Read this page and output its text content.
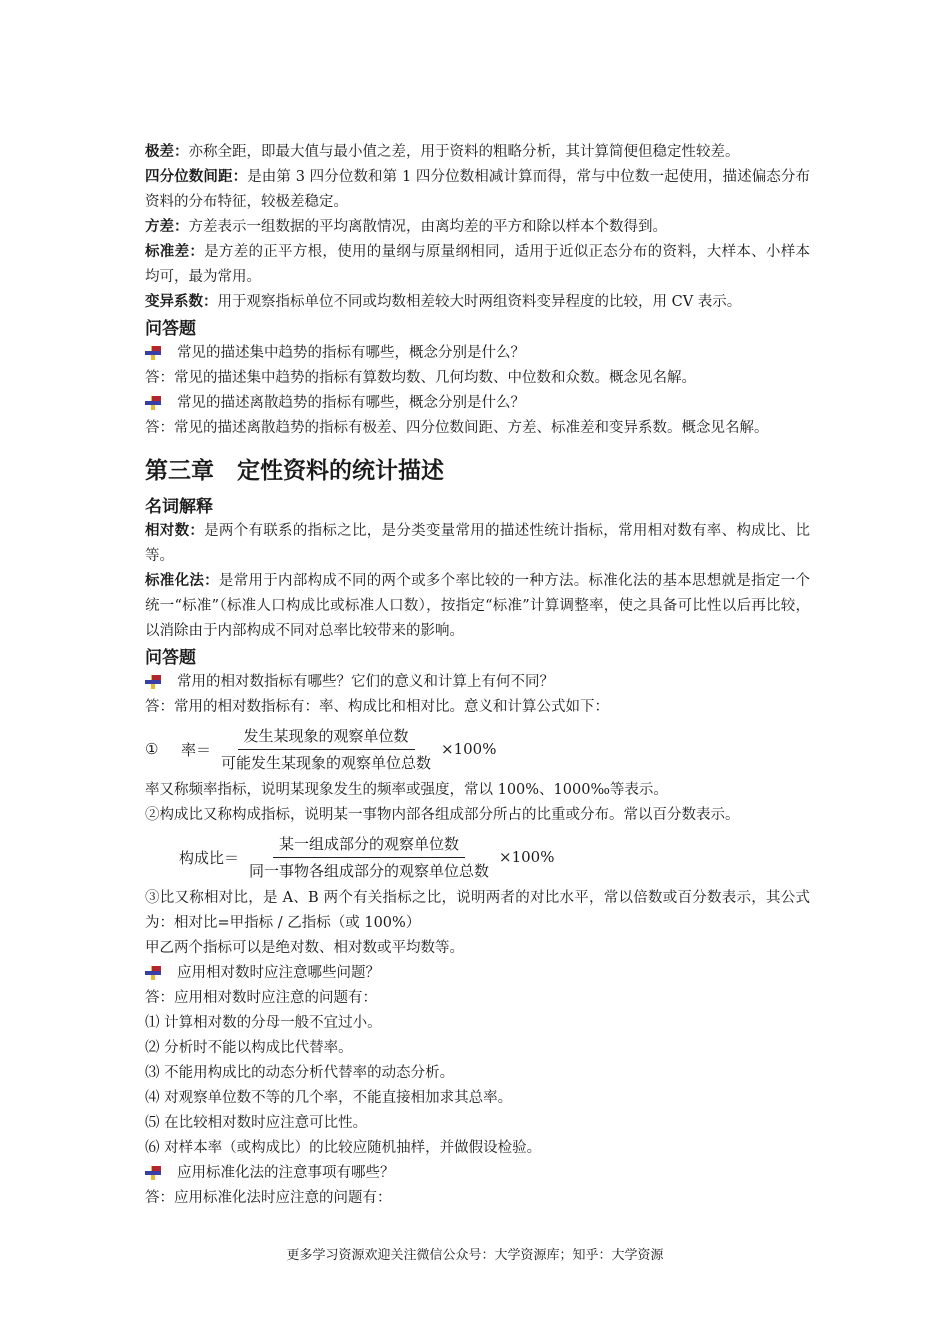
极差：亦称全距，即最大值与最小值之差，用于资料的粗略分析，其计算简便但稳定性较差。

四分位数间距：是由第 3 四分位数和第 1 四分位数相减计算而得，常与中位数一起使用，描述偏态分布资料的分布特征，较极差稳定。

方差：方差表示一组数据的平均离散情况，由离均差的平方和除以样本个数得到。

标准差：是方差的正平方根，使用的量纲与原量纲相同，适用于近似正态分布的资料，大样本、小样本均可，最为常用。

变异系数：用于观察指标单位不同或均数相差较大时两组资料变异程度的比较，用 CV 表示。

问答题

常见的描述集中趋势的指标有哪些，概念分别是什么？

答：常见的描述集中趋势的指标有算数均数、几何均数、中位数和众数。概念见名解。

常见的描述离散趋势的指标有哪些，概念分别是什么？

答：常见的描述离散趋势的指标有极差、四分位数间距、方差、标准差和变异系数。概念见名解。

第三章　定性资料的统计描述
名词解释

相对数：是两个有联系的指标之比，是分类变量常用的描述性统计指标，常用相对数有率、构成比、比等。

标准化法：是常用于内部构成不同的两个或多个率比较的一种方法。标准化法的基本思想就是指定一个统一“标准”（标准人口构成比或标准人口数），按指定“标准”计算调整率，使之具备可比性以后再比较，以消除由于内部构成不同对总率比较带来的影响。

问答题

常用的相对数指标有哪些？它们的意义和计算上有何不同？

答：常用的相对数指标有：率、构成比和相对比。意义和计算公式如下：

①	率＝ $\frac{\text{发生某现象的观察单位数}}{\text{可能发生某现象的观察单位总数}} \times 100\%$

率又称频率指标，说明某现象发生的频率或强度，常以 100%、1000‰等表示。

②构成比又称构成指标，说明某一事物内部各组成部分所占的比重或分布。常以百分数表示。

构成比＝ $\frac{\text{某一组成部分的观察单位数}}{\text{同一事物各组成部分的观察单位总数}} \times 100\%$

③比又称相对比，是 A、B 两个有关指标之比，说明两者的对比水平，常以倍数或百分数表示，其公式为：相对比=甲指标 / 乙指标（或 100%）

甲乙两个指标可以是绝对数、相对数或平均数等。

应用相对数时应注意哪些问题？

答：应用相对数时应注意的问题有：

⑴ 计算相对数的分母一般不宜过小。

⑵ 分析时不能以构成比代替率。

⑶ 不能用构成比的动态分析代替率的动态分析。

⑷ 对观察单位数不等的几个率，不能直接相加求其总率。

⑸ 在比较相对数时应注意可比性。

⑹ 对样本率（或构成比）的比较应随机抽样，并做假设检验。

应用标准化法的注意事项有哪些？

答：应用标准化法时应注意的问题有：

更多学习资源欢迎关注微信公众号：大学资源库；知乎：大学资源
